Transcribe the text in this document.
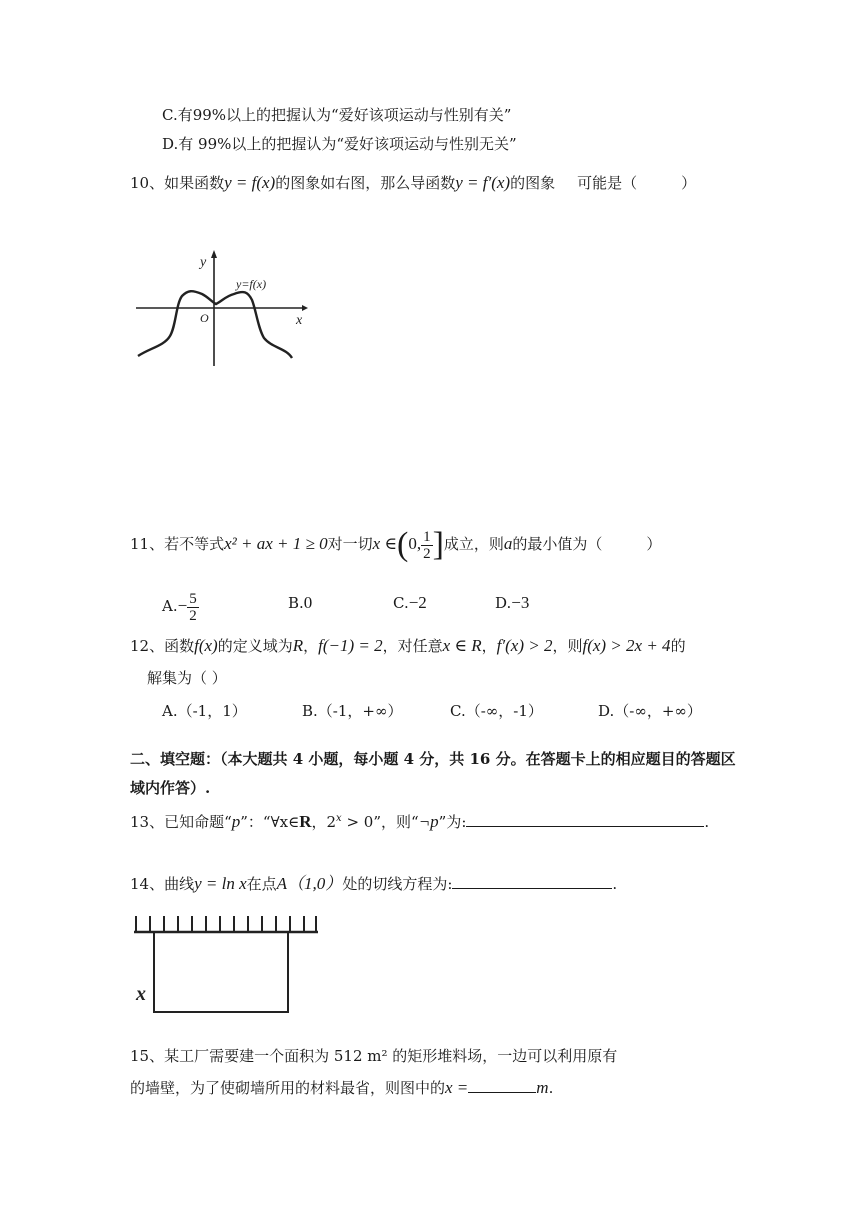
C.有99%以上的把握认为“爱好该项运动与性别有关”
D.有 99%以上的把握认为“爱好该项运动与性别无关”
10、如果函数y = f(x)的图象如右图，那么导函数y = f′(x)的图象 可能是（	）
y
x
O
y=f(x)
11、若不等式x² + ax + 1 ≥ 0对一切x ∈(0, $\frac{1}{2}$ ]成立，则a的最小值为（	）
$A.- \frac{5}{2}$	B.0	C.−2	D.−3
12、函数f(x)的定义域为R，f(−1) = 2，对任意x ∈ R，f′(x) > 2，则f(x) > 2x + 4的
解集为（ ）
A.（-1，1）	B.（-1，+∞）	C.（-∞，-1）	D.（-∞，+∞）
二、填空题：（本大题共 4 小题，每小题 4 分，共 16 分。在答题卡上的相应题目的答题区
域内作答）.
13、已知命题“p”：“∀x∈R，$2^x > 0$”，则“¬p”为:	.
14、曲线y = ln x在点A（1,0）处的切线方程为:	.
x
15、某工厂需要建一个面积为 512 m² 的矩形堆料场，一边可以利用原有
的墙壁，为了使砌墙所用的材料最省，则图中的x =	m.
